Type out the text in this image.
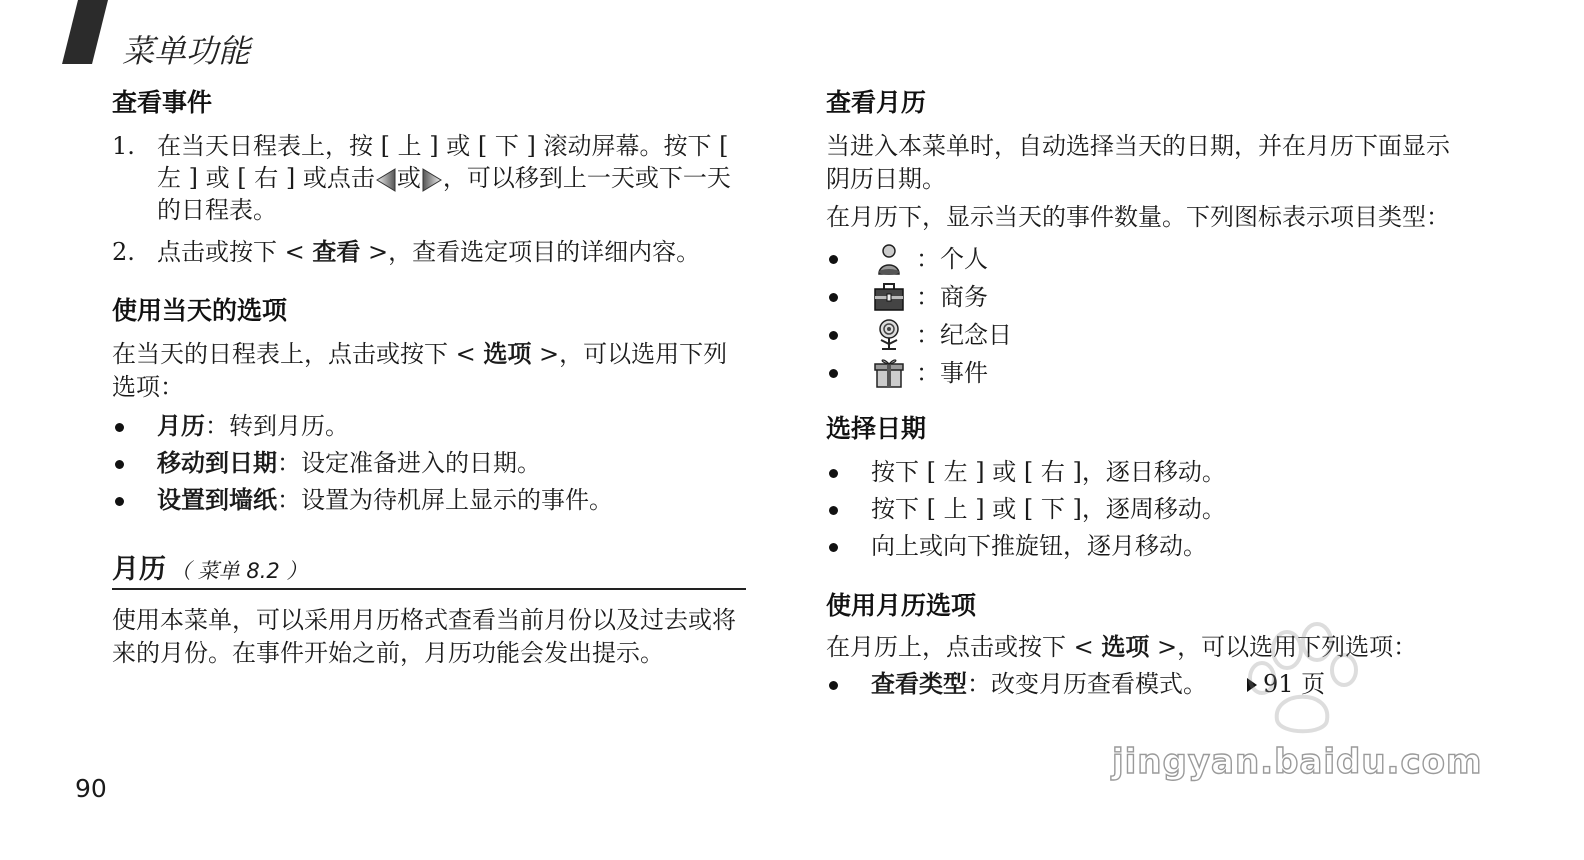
菜单功能
查看事件
1. 在当天日程表上，按 [ 上 ] 或 [ 下 ] 滚动屏幕。按下 [ 左 ] 或 [ 右 ] 或点击 或 ，可以移到上一天或下一天的日程表。
2. 点击或按下 < 查看 >，查看选定项目的详细内容。
使用当天的选项

在当天的日程表上，点击或按下 < 选项 >，可以选用下列选项：

月历：转到月历。
移动到日期：设定准备进入的日期。
设置到墙纸：设置为待机屏上显示的事件。
月历 （ 菜单 8.2 ）

使用本菜单，可以采用月历格式查看当前月份以及过去或将来的月份。在事件开始之前，月历功能会发出提示。

查看月历

当进入本菜单时，自动选择当天的日期，并在月历下面显示阴历日期。

在月历下，显示当天的事件数量。下列图标表示项目类型：

：个人
：商务
：纪念日
：事件
选择日期
按下 [ 左 ] 或 [ 右 ]，逐日移动。
按下 [ 上 ] 或 [ 下 ]，逐周移动。
向上或向下推旋钮，逐月移动。
使用月历选项

在月历上，点击或按下 < 选项 >，可以选用下列选项：

查看类型：改变月历查看模式。 91 页
90
jingyan.baidu.com
